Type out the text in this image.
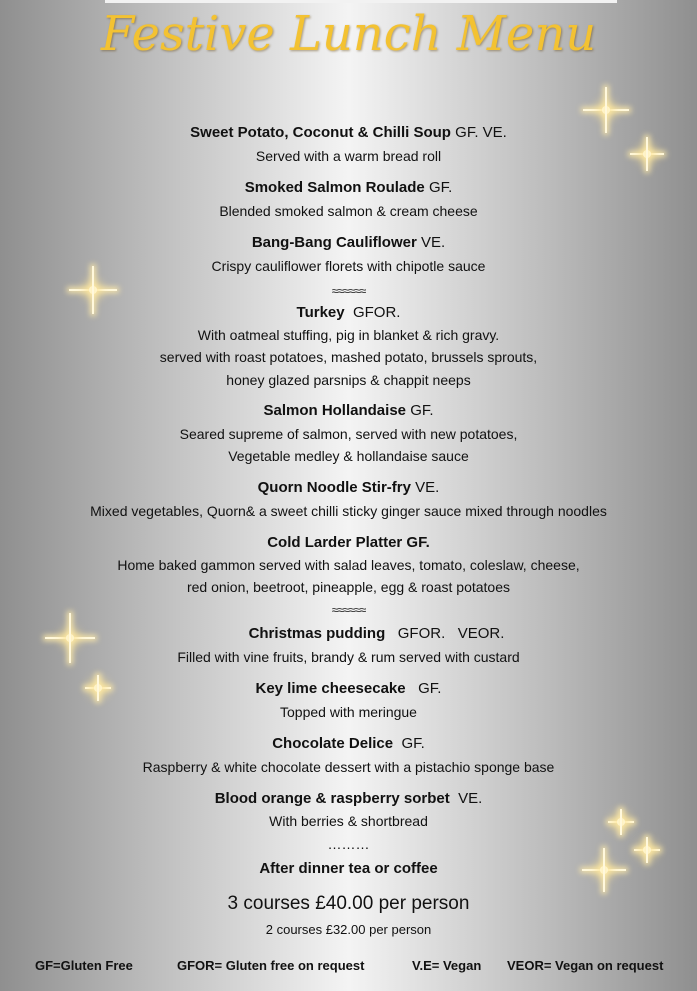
Festive Lunch Menu
Sweet Potato, Coconut & Chilli Soup GF. VE.
Served with a warm bread roll
Smoked Salmon Roulade GF.
Blended smoked salmon & cream cheese
Bang-Bang Cauliflower VE.
Crispy cauliflower florets with chipotle sauce
≈≈≈≈≈≈
Turkey GFOR.
With oatmeal stuffing, pig in blanket & rich gravy.
served with roast potatoes, mashed potato, brussels sprouts,
honey glazed parsnips & chappit neeps
Salmon Hollandaise GF.
Seared supreme of salmon, served with new potatoes,
Vegetable medley & hollandaise sauce
Quorn Noodle Stir-fry VE.
Mixed vegetables, Quorn& a sweet chilli sticky ginger sauce mixed through noodles
Cold Larder Platter GF.
Home baked gammon served with salad leaves, tomato, coleslaw, cheese,
red onion, beetroot, pineapple, egg & roast potatoes
≈≈≈≈≈≈
Christmas pudding GFOR.   VEOR.
Filled with vine fruits, brandy & rum served with custard
Key lime cheesecake GF.
Topped with meringue
Chocolate Delice GF.
Raspberry & white chocolate dessert with a pistachio sponge base
Blood orange & raspberry sorbet VE.
With berries & shortbread
………
After dinner tea or coffee
3 courses £40.00 per person
2 courses £32.00 per person
GF=Gluten Free	GFOR= Gluten free on request	V.E= Vegan VEOR= Vegan on request
